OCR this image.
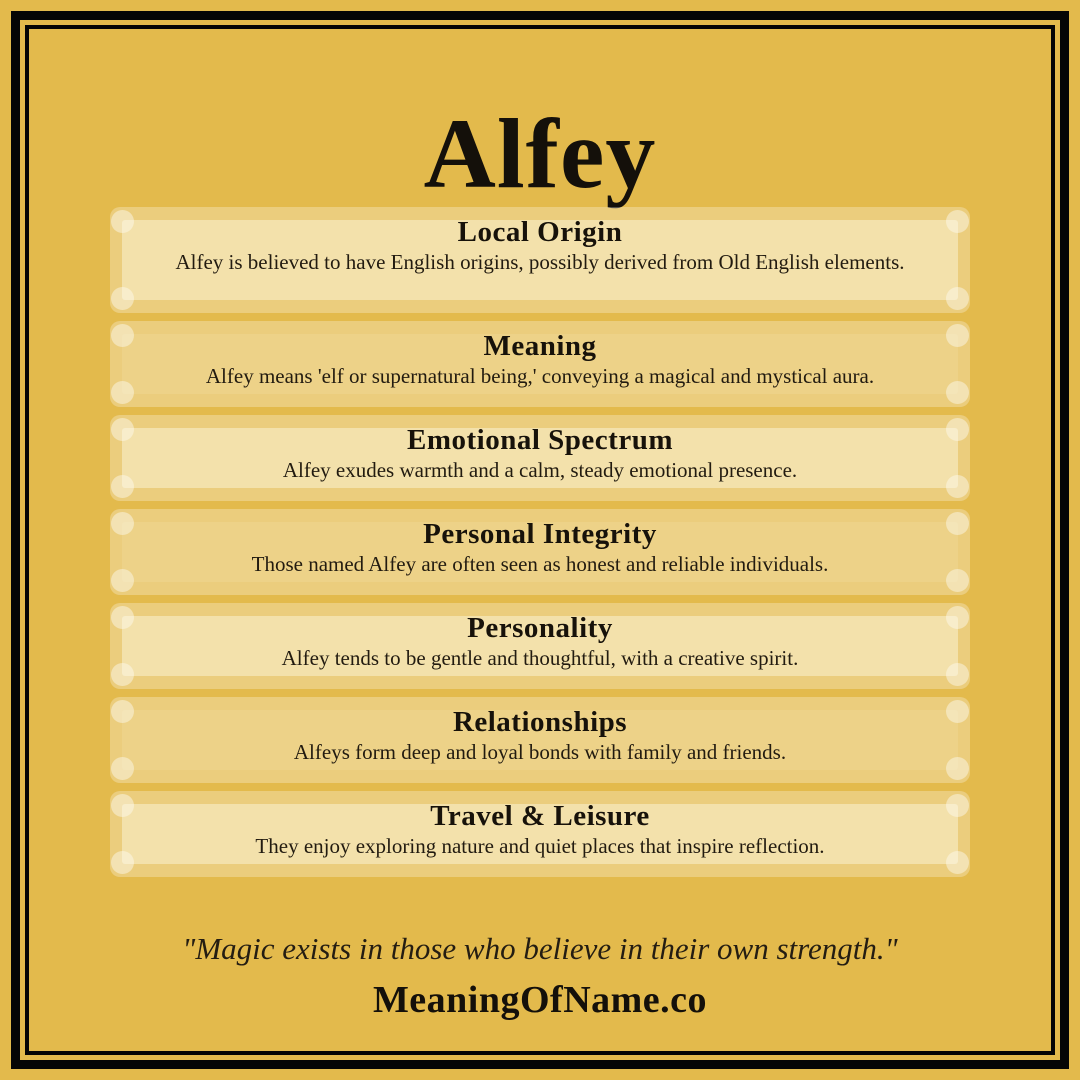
Alfey
Local Origin

Alfey is believed to have English origins, possibly derived from Old English elements.

Meaning

Alfey means 'elf or supernatural being,' conveying a magical and mystical aura.

Emotional Spectrum

Alfey exudes warmth and a calm, steady emotional presence.

Personal Integrity

Those named Alfey are often seen as honest and reliable individuals.

Personality

Alfey tends to be gentle and thoughtful, with a creative spirit.

Relationships

Alfeys form deep and loyal bonds with family and friends.

Travel & Leisure

They enjoy exploring nature and quiet places that inspire reflection.

"Magic exists in those who believe in their own strength."
MeaningOfName.co
